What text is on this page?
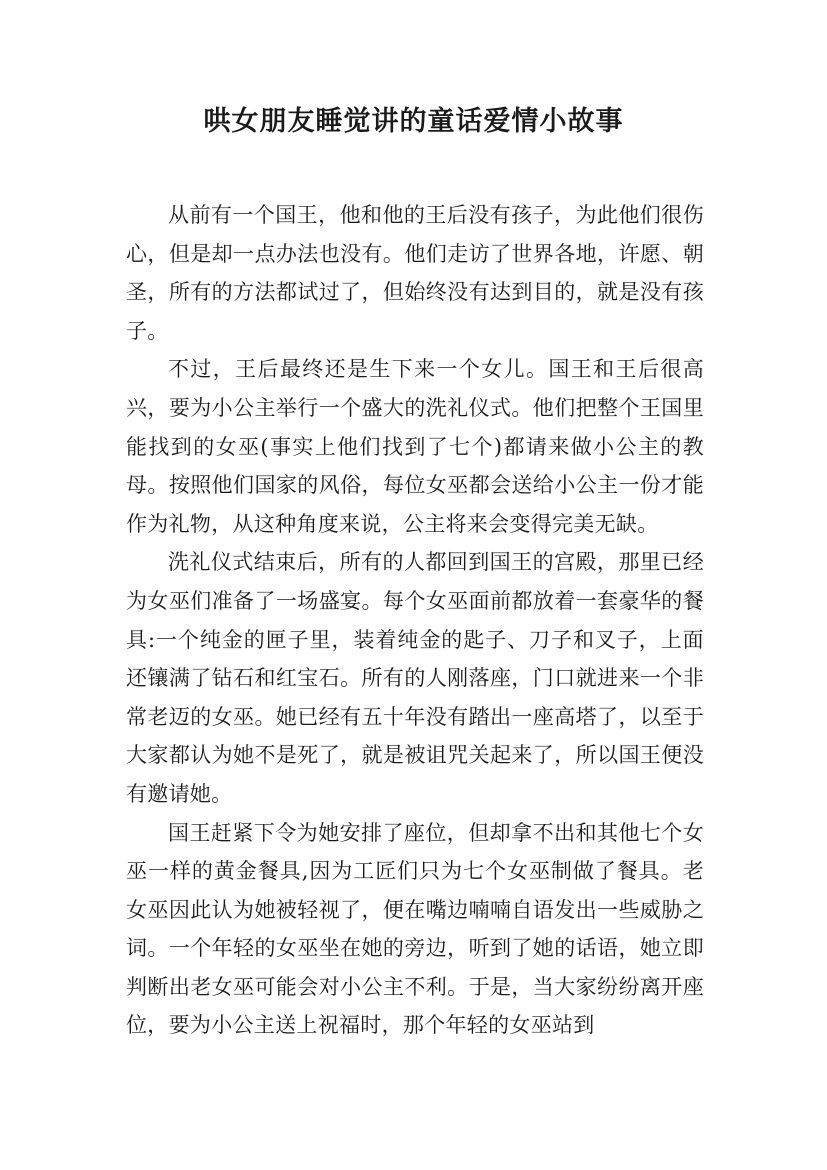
哄女朋友睡觉讲的童话爱情小故事

从前有一个国王，他和他的王后没有孩子，为此他们很伤心，但是却一点办法也没有。他们走访了世界各地，许愿、朝圣，所有的方法都试过了，但始终没有达到目的，就是没有孩子。

不过，王后最终还是生下来一个女儿。国王和王后很高兴，要为小公主举行一个盛大的洗礼仪式。他们把整个王国里能找到的女巫(事实上他们找到了七个)都请来做小公主的教母。按照他们国家的风俗，每位女巫都会送给小公主一份才能作为礼物，从这种角度来说，公主将来会变得完美无缺。

洗礼仪式结束后，所有的人都回到国王的宫殿，那里已经为女巫们准备了一场盛宴。每个女巫面前都放着一套豪华的餐具:一个纯金的匣子里，装着纯金的匙子、刀子和叉子，上面还镶满了钻石和红宝石。所有的人刚落座，门口就进来一个非常老迈的女巫。她已经有五十年没有踏出一座高塔了，以至于大家都认为她不是死了，就是被诅咒关起来了，所以国王便没有邀请她。

国王赶紧下令为她安排了座位，但却拿不出和其他七个女巫一样的黄金餐具,因为工匠们只为七个女巫制做了餐具。老女巫因此认为她被轻视了，便在嘴边喃喃自语发出一些威胁之词。一个年轻的女巫坐在她的旁边，听到了她的话语，她立即判断出老女巫可能会对小公主不利。于是，当大家纷纷离开座位，要为小公主送上祝福时，那个年轻的女巫站到
